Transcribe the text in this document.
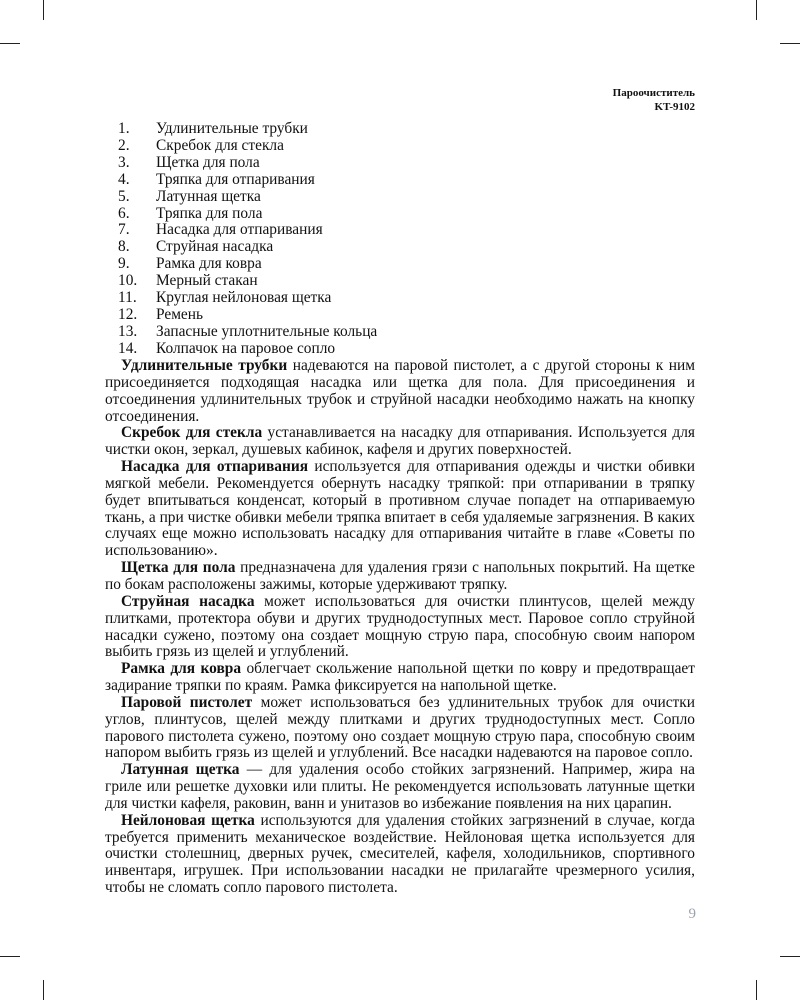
Пароочиститель
KT-9102
1.	Удлинительные трубки
2.	Скребок для стекла
3.	Щетка для пола
4.	Тряпка для отпаривания
5.	Латунная щетка
6.	Тряпка для пола
7.	Насадка для отпаривания
8.	Струйная насадка
9.	Рамка для ковра
10.	Мерный стакан
11.	Круглая нейлоновая щетка
12.	Ремень
13.	Запасные уплотнительные кольца
14.	Колпачок на паровое сопло

Удлинительные трубки надеваются на паровой пистолет, а с другой стороны к ним присоединяется подходящая насадка или щетка для пола. Для присоединения и отсоединения удлинительных трубок и струйной насадки необходимо нажать на кнопку отсоединения.

Скребок для стекла устанавливается на насадку для отпаривания. Используется для чистки окон, зеркал, душевых кабинок, кафеля и других поверхностей.

Насадка для отпаривания используется для отпаривания одежды и чистки обивки мягкой мебели. Рекомендуется обернуть насадку тряпкой: при отпаривании в тряпку будет впитываться конденсат, который в противном случае попадет на отпариваемую ткань, а при чистке обивки мебели тряпка впитает в себя удаляемые загрязнения. В каких случаях еще можно использовать насадку для отпаривания читайте в главе «Советы по использованию».

Щетка для пола предназначена для удаления грязи с напольных покрытий. На щетке по бокам расположены зажимы, которые удерживают тряпку.

Струйная насадка может использоваться для очистки плинтусов, щелей между плитками, протектора обуви и других труднодоступных мест. Паровое сопло струйной насадки сужено, поэтому она создает мощную струю пара, способную своим напором выбить грязь из щелей и углублений.

Рамка для ковра облегчает скольжение напольной щетки по ковру и предотвращает задирание тряпки по краям. Рамка фиксируется на напольной щетке.

Паровой пистолет может использоваться без удлинительных трубок для очистки углов, плинтусов, щелей между плитками и других труднодоступных мест. Сопло парового пистолета сужено, поэтому оно создает мощную струю пара, способную своим напором выбить грязь из щелей и углублений. Все насадки надеваются на паровое сопло.

Латунная щетка — для удаления особо стойких загрязнений. Например, жира на гриле или решетке духовки или плиты. Не рекомендуется использовать латунные щетки для чистки кафеля, раковин, ванн и унитазов во избежание появления на них царапин.

Нейлоновая щетка используются для удаления стойких загрязнений в случае, когда требуется применить механическое воздействие. Нейлоновая щетка используется для очистки столешниц, дверных ручек, смесителей, кафеля, холодильников, спортивного инвентаря, игрушек. При использовании насадки не прилагайте чрезмерного усилия, чтобы не сломать сопло парового пистолета.

9
